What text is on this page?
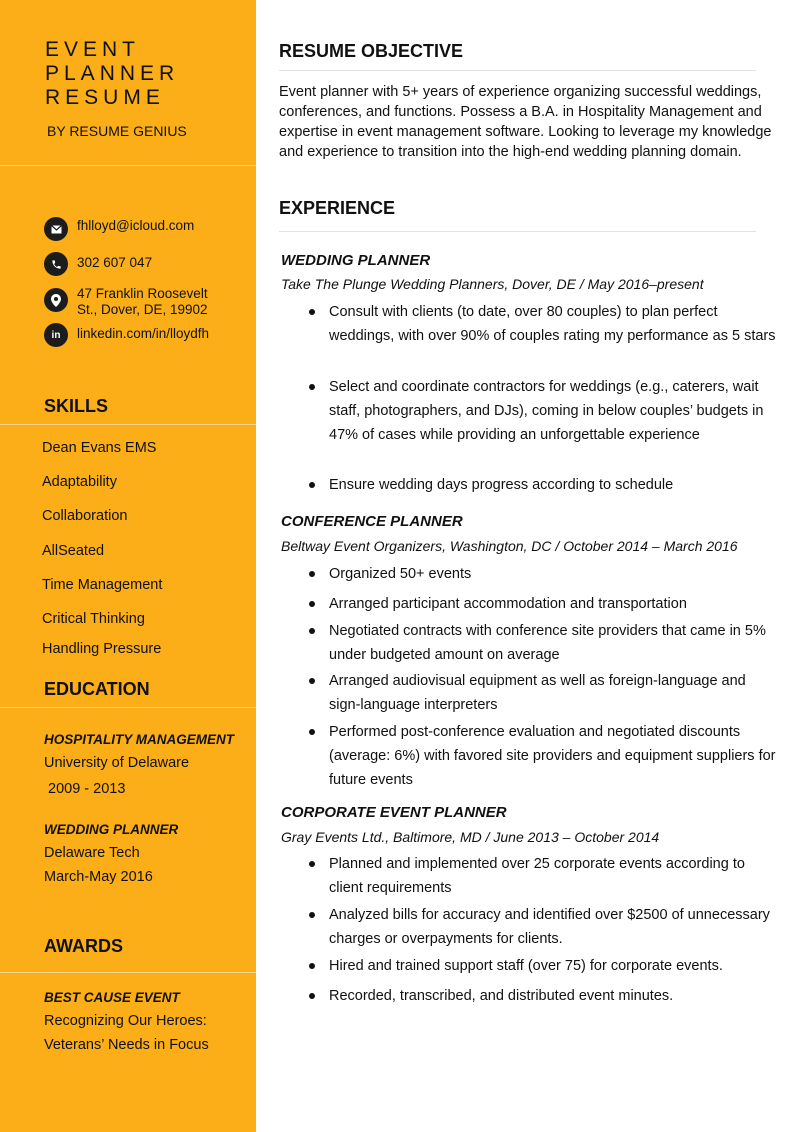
EVENT
PLANNER
RESUME
BY RESUME GENIUS
fhlloyd@icloud.com
302 607 047
47 Franklin Roosevelt
St., Dover, DE, 19902
in linkedin.com/in/lloydfh
SKILLS
Dean Evans EMS
Adaptability
Collaboration
AllSeated
Time Management
Critical Thinking
Handling Pressure
EDUCATION
HOSPITALITY MANAGEMENT
University of Delaware
2009 - 2013
WEDDING PLANNER
Delaware Tech
March-May 2016
AWARDS
BEST CAUSE EVENT
Recognizing Our Heroes:
Veterans’ Needs in Focus
RESUME OBJECTIVE
Event planner with 5+ years of experience organizing successful weddings, conferences, and functions. Possess a B.A. in Hospitality Management and expertise in event management software. Looking to leverage my knowledge and experience to transition into the high-end wedding planning domain.
EXPERIENCE
WEDDING PLANNER
Take The Plunge Wedding Planners, Dover, DE / May 2016–present
Consult with clients (to date, over 80 couples) to plan perfect weddings, with over 90% of couples rating my performance as 5 stars
Select and coordinate contractors for weddings (e.g., caterers, wait staff, photographers, and DJs), coming in below couples’ budgets in 47% of cases while providing an unforgettable experience
Ensure wedding days progress according to schedule
CONFERENCE PLANNER
Beltway Event Organizers, Washington, DC / October 2014 – March 2016
Organized 50+ events
Arranged participant accommodation and transportation
Negotiated contracts with conference site providers that came in 5% under budgeted amount on average
Arranged audiovisual equipment as well as foreign-language and sign-language interpreters
Performed post-conference evaluation and negotiated discounts (average: 6%) with favored site providers and equipment suppliers for future events
CORPORATE EVENT PLANNER
Gray Events Ltd., Baltimore, MD / June 2013 – October 2014
Planned and implemented over 25 corporate events according to client requirements
Analyzed bills for accuracy and identified over $2500 of unnecessary charges or overpayments for clients.
Hired and trained support staff (over 75) for corporate events.
Recorded, transcribed, and distributed event minutes.
